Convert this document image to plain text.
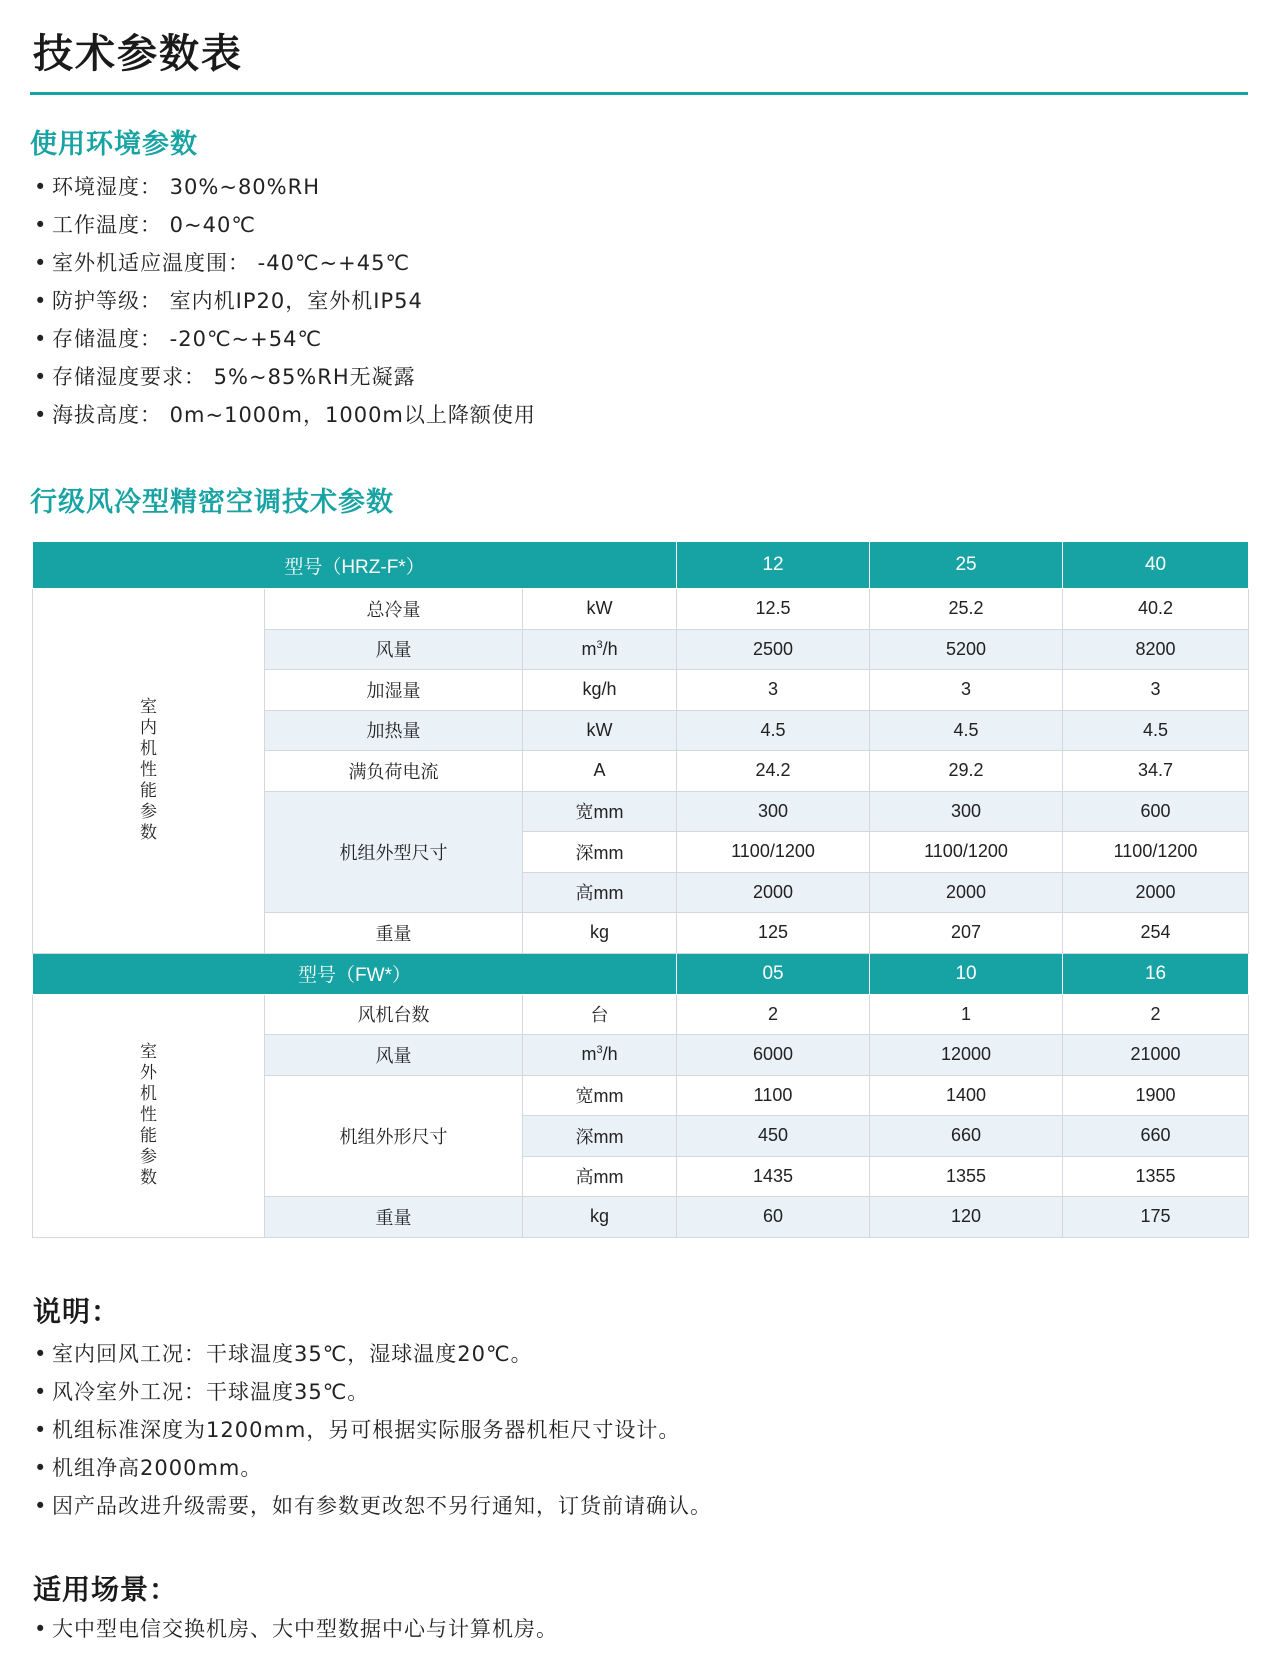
技术参数表
使用环境参数
• 环境湿度： 30%~80%RH
• 工作温度： 0~40℃
• 室外机适应温度围： -40℃~+45℃
• 防护等级： 室内机IP20，室外机IP54
• 存储温度： -20℃~+54℃
• 存储湿度要求： 5%~85%RH无凝露
• 海拔高度： 0m~1000m，1000m以上降额使用
行级风冷型精密空调技术参数
型号（HRZ-F*）			12	25	40
室内机性能参数	总冷量	kW	12.5	25.2	40.2
	风量	$m^3/h$	2500	5200	8200
	加湿量	kg/h	3	3	3
	加热量	kW	4.5	4.5	4.5
	满负荷电流	A	24.2	29.2	34.7
	机组外型尺寸	宽mm	300	300	600
		深mm	1100/1200	1100/1200	1100/1200
		高mm	2000	2000	2000
	重量	kg	125	207	254
型号（FW*）			05	10	16
室外机性能参数	风机台数	台	2	1	2
	风量	$m^3/h$	6000	12000	21000
	机组外形尺寸	宽mm	1100	1400	1900
		深mm	450	660	660
		高mm	1435	1355	1355
	重量	kg	60	120	175
说明：
• 室内回风工况：干球温度35℃，湿球温度20℃。
• 风冷室外工况：干球温度35℃。
• 机组标准深度为1200mm，另可根据实际服务器机柜尺寸设计。
• 机组净高2000mm。
• 因产品改进升级需要，如有参数更改恕不另行通知，订货前请确认。
适用场景：
• 大中型电信交换机房、大中型数据中心与计算机房。
